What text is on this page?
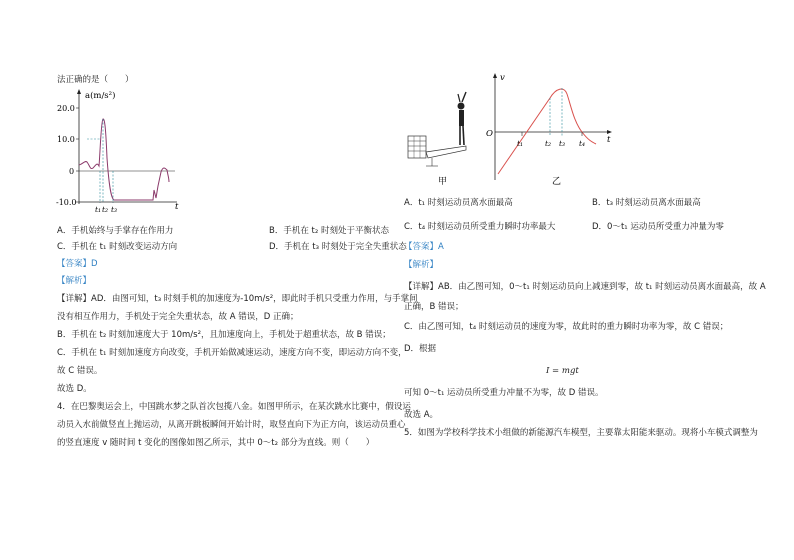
法正确的是（　　）
a(m/s²)
20.0
10.0
0
-10.0	t
t₁ t₂ t₃
A．手机始终与手掌存在作用力	B．手机在 t₂ 时刻处于平衡状态
C．手机在 t₁ 时刻改变运动方向	D．手机在 t₃ 时刻处于完全失重状态
【答案】D
【解析】
【详解】AD．由图可知，t₃ 时刻手机的加速度为-10m/s²，即此时手机只受重力作用，与手掌间
没有相互作用力，手机处于完全失重状态，故 A 错误，D 正确；
B．手机在 t₂ 时刻加速度大于 10m/s²，且加速度向上，手机处于超重状态，故 B 错误；
C．手机在 t₁ 时刻加速度方向改变，手机开始做减速运动，速度方向不变，即运动方向不变，
故 C 错误。
故选 D。
4．在巴黎奥运会上，中国跳水梦之队首次包揽八金。如图甲所示，在某次跳水比赛中，假设运
动员入水前做竖直上抛运动，从离开跳板瞬间开始计时，取竖直向下为正方向，该运动员重心
的竖直速度 v 随时间 t 变化的图像如图乙所示，其中 0～t₂ 部分为直线。则（　　）
甲
v
O
t
t₁	t₂ t₃ t₄
乙
A．t₁ 时刻运动员离水面最高	B．t₃ 时刻运动员离水面最高
C．t₄ 时刻运动员所受重力瞬时功率最大	D．0～t₁ 运动员所受重力冲量为零
【答案】A
【解析】
【详解】AB．由乙图可知，0～t₁ 时刻运动员向上减速到零，故 t₁ 时刻运动员离水面最高，故 A
正确，B 错误；
C．由乙图可知，t₄ 时刻运动员的速度为零，故此时的重力瞬时功率为零，故 C 错误；
D．根据
I = mgt
可知 0～t₁ 运动员所受重力冲量不为零，故 D 错误。
故选 A。
5．如图为学校科学技术小组做的新能源汽车模型，主要靠太阳能来驱动。现将小车模式调整为
